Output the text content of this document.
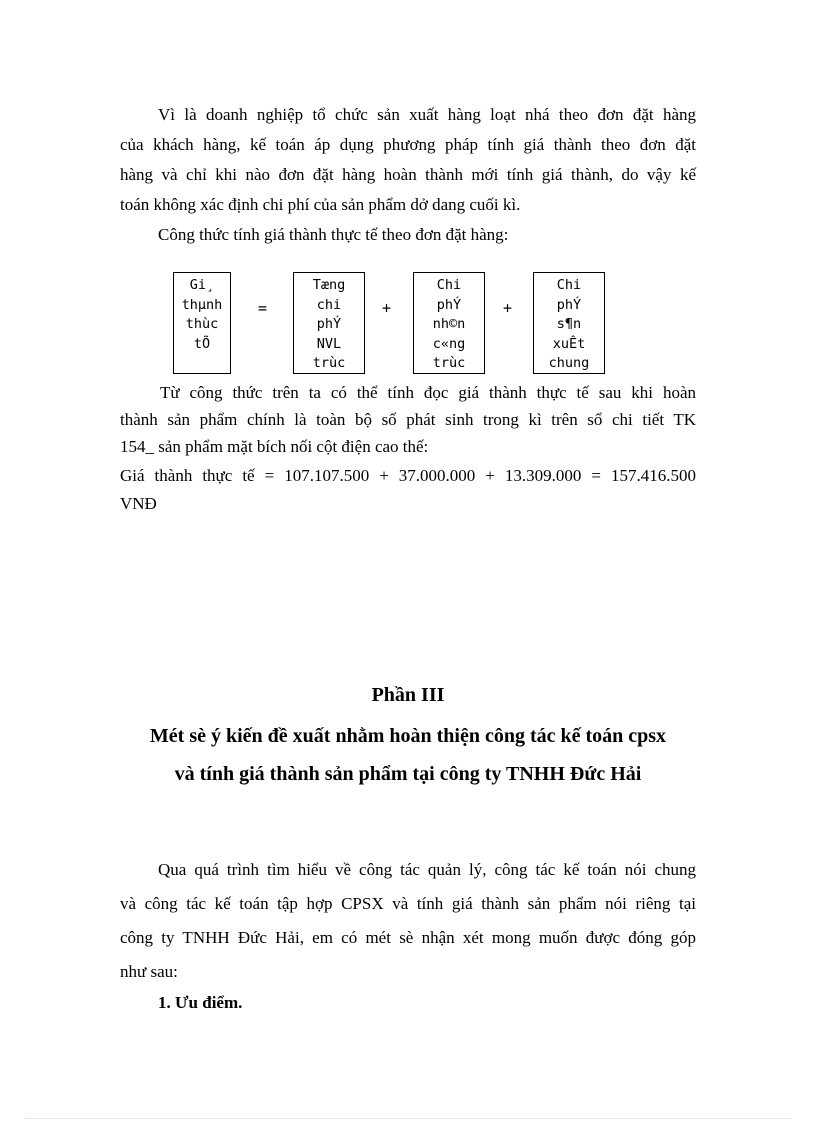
Vì là doanh nghiệp tổ chức sản xuất hàng loạt nhá theo đơn đặt hàng
của khách hàng, kế toán áp dụng phương pháp tính giá thành theo đơn đặt
hàng và chỉ khi nào đơn đặt hàng hoàn thành mới tính giá thành, do vậy kế
toán không xác định chi phí của sản phẩm dở dang cuối kì.
Công thức tính giá thành thực tế theo đơn đặt hàng:
Gi¸
thµnh
thùc
tÕ
=
Tæng
chi
phÝ
NVL
trùc
+
Chi
phÝ
nh©n
c«ng
trùc
+
Chi
phÝ
s¶n
xuÊt
chung
Từ công thức trên ta có thể tính đọc giá thành thực tế sau khi hoàn
thành sản phẩm chính là toàn bộ số phát sinh trong kì trên sổ chi tiết TK
154_ sản phẩm mặt bích nối cột điện cao thế:
Giá thành thực tế = 107.107.500 + 37.000.000 + 13.309.000 = 157.416.500
VNĐ
Phần III
Mét sè ý kiến đề xuất nhằm hoàn thiện công tác kế toán cpsx
và tính giá thành sản phẩm tại công ty TNHH Đức Hải
Qua quá trình tìm hiểu về công tác quản lý, công tác kế toán nói chung
và công tác kế toán tập hợp CPSX và tính giá thành sản phẩm nói riêng tại
công ty TNHH Đức Hải, em có mét sè nhận xét mong muốn được đóng góp
như sau:
1. Ưu điểm.
